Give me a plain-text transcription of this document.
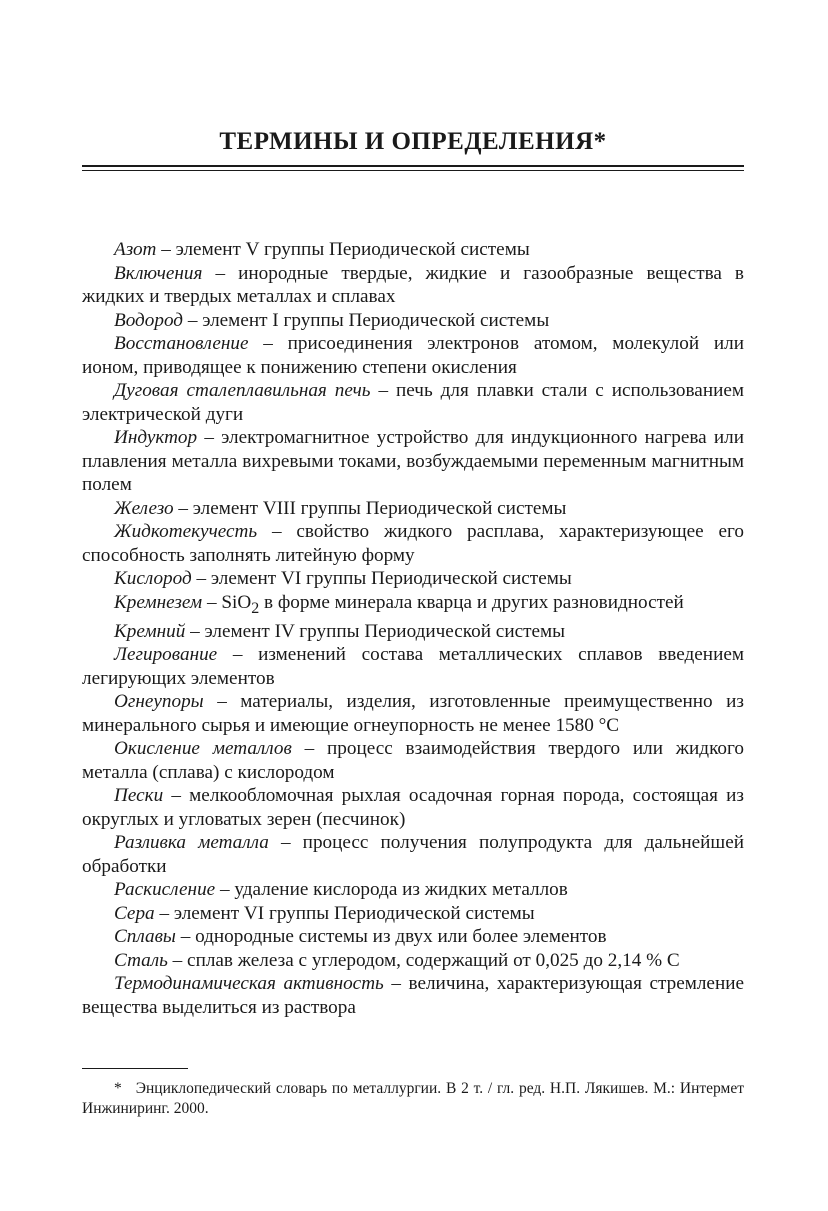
ТЕРМИНЫ И ОПРЕДЕЛЕНИЯ*

Азот – элемент V группы Периодической системы

Включения – инородные твердые, жидкие и газообразные вещества в жидких и твердых металлах и сплавах

Водород – элемент I группы Периодической системы

Восстановление – присоединения электронов атомом, молекулой или ионом, приводящее к понижению степени окисления

Дуговая сталеплавильная печь – печь для плавки стали с использованием электрической дуги

Индуктор – электромагнитное устройство для индукционного нагрева или плавления металла вихревыми токами, возбуждаемыми переменным магнитным полем

Железо – элемент VIII группы Периодической системы

Жидкотекучесть – свойство жидкого расплава, характеризующее его способность заполнять литейную форму

Кислород – элемент VI группы Периодической системы

Кремнезем – SiO$_2$ в форме минерала кварца и других разновидностей

Кремний – элемент IV группы Периодической системы

Легирование – изменений состава металлических сплавов введением легирующих элементов

Огнеупоры – материалы, изделия, изготовленные преимущественно из минерального сырья и имеющие огнеупорность не менее 1580 °С

Окисление металлов – процесс взаимодействия твердого или жидкого металла (сплава) с кислородом

Пески – мелкообломочная рыхлая осадочная горная порода, состоящая из округлых и угловатых зерен (песчинок)

Разливка металла – процесс получения полупродукта для дальнейшей обработки

Раскисление – удаление кислорода из жидких металлов

Сера – элемент VI группы Периодической системы

Сплавы – однородные системы из двух или более элементов

Сталь – сплав железа с углеродом, содержащий от 0,025 до 2,14 % С

Термодинамическая активность – величина, характеризующая стремление вещества выделиться из раствора

* Энциклопедический словарь по металлургии. В 2 т. / гл. ред. Н.П. Лякишев. М.: Интермет Инжиниринг. 2000.
